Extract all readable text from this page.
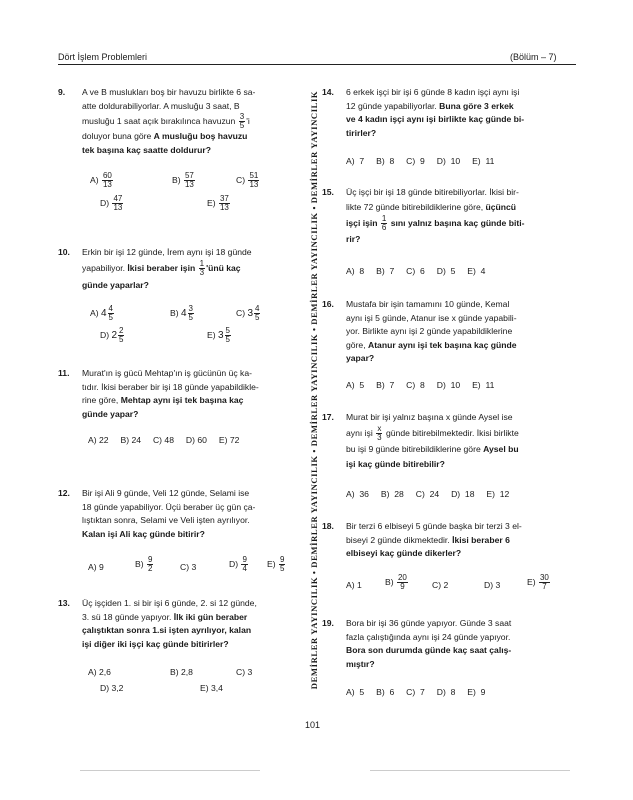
Dört İşlem Problemleri	(Bölüm – 7)
DEMİRLER YAYINCILIK • DEMİRLER YAYINCILIK • DEMİRLER YAYINCILIK • DEMİRLER YAYINCILIK • DEMİRLER YAYINCILIK
9. A ve B muslukları boş bir havuzu birlikte 6 sa-

atte doldurabiliyorlar. A musluğu 3 saat, B

musluğu 1 saat açık bırakılınca havuzun $\frac{3}{5}$ 'i

doluyor buna göre A musluğu boş havuzu

tek başına kaç saatte doldurur?

$A) \frac{60}{13}$	$B) \frac{57}{13}$	$C) \frac{51}{13}$
$D) \frac{47}{13}$	$E) \frac{37}{13}$
10. Erkin bir işi 12 günde, İrem aynı işi 18 günde

yapabiliyor. İkisi beraber işin $\frac{1}{3}$ 'ünü kaç

günde yaparlar?

A) $4 \frac{4}{5}$	B) $4 \frac{3}{5}$	C) $3 \frac{4}{5}$
D) $2 \frac{2}{5}$	E) $3 \frac{5}{5}$
11. Murat'ın iş gücü Mehtap'ın iş gücünün üç ka-

tıdır. İkisi beraber bir işi 18 günde yapabildikle-

rine göre, Mehtap aynı işi tek başına kaç

günde yapar?

A) 22     B) 24     C) 48     D) 60     E) 72
12. Bir işi Ali 9 günde, Veli 12 günde, Selami ise

18 günde yapabiliyor. Üçü beraber üç gün ça-

lıştıktan sonra, Selami ve Veli işten ayrılıyor.

Kalan işi Ali kaç günde bitirir?

A) 9	$B) \frac{9}{2}$	C) 3	$D) \frac{9}{4} E) \frac{9}{5}$
13. Üç işçiden 1. si bir işi 6 günde, 2. si 12 günde,

3. sü 18 günde yapıyor. İlk iki gün beraber

çalıştıktan sonra 1.si işten ayrılıyor, kalan

işi diğer iki işçi kaç günde bitirirler?

A) 2,6	B) 2,8	C) 3
D) 3,2	E) 3,4
14. 6 erkek işçi bir işi 6 günde 8 kadın işçi aynı işi

12 günde yapabiliyorlar. Buna göre 3 erkek

ve 4 kadın işçi aynı işi birlikte kaç günde bi-

tirirler?

A)  7     B)  8     C)  9     D)  10     E)  11
15. Üç işçi bir işi 18 günde bitirebiliyorlar. İkisi bir-

likte 72 günde bitirebildiklerine göre, üçüncü

işçi işin $\frac{1}{6}$ sını yalnız başına kaç günde biti-

rir?

A)  8     B)  7     C)  6     D)  5     E)  4
16. Mustafa bir işin tamamını 10 günde, Kemal

aynı işi 5 günde, Atanur ise x günde yapabili-

yor. Birlikte aynı işi 2 günde yapabildiklerine

göre, Atanur aynı işi tek başına kaç günde

yapar?

A)  5     B)  7     C)  8     D)  10     E)  11
17. Murat bir işi yalnız başına x günde Aysel ise

aynı işi $\frac{x}{3}$ günde bitirebilmektedir. İkisi birlikte

bu işi 9 günde bitirebildiklerine göre Aysel bu

işi kaç günde bitirebilir?

A)  36     B)  28     C)  24     D)  18     E)  12
18. Bir terzi 6 elbiseyi 5 günde başka bir terzi 3 el-

biseyi 2 günde dikmektedir. İkisi beraber 6

elbiseyi kaç günde dikerler?

A) 1	$B) \frac{20}{9}$	C) 2	D) 3	$E) \frac{30}{7}$
19. Bora bir işi 36 günde yapıyor. Günde 3 saat

fazla çalıştığında aynı işi 24 günde yapıyor.

Bora son durumda günde kaç saat çalış-

mıştır?

A)  5     B)  6     C)  7     D)  8     E)  9
101
